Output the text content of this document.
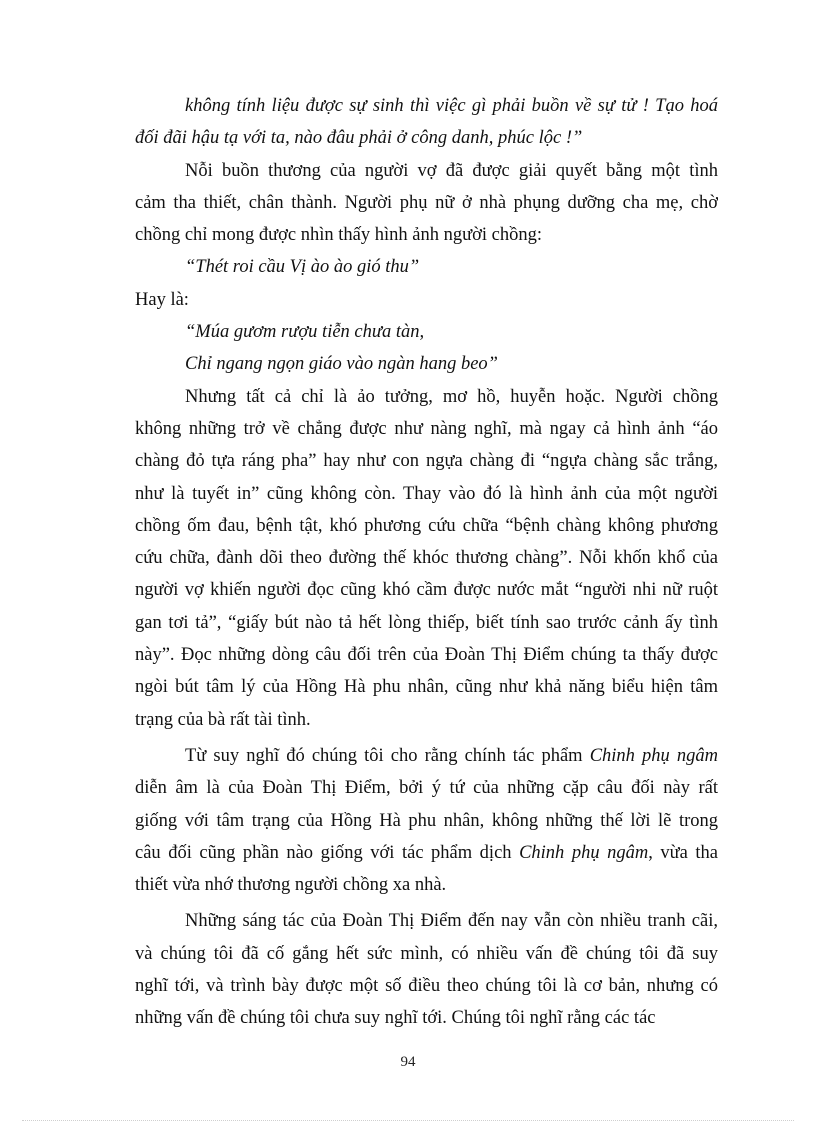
không tính liệu được sự sinh thì việc gì phải buồn về sự tử ! Tạo hoá
đối đãi hậu tạ với ta, nào đâu phải ở công danh, phúc lộc !”
Nỗi buồn thương của người vợ đã được giải quyết bằng một tình
cảm tha thiết, chân thành. Người phụ nữ ở nhà phụng dưỡng cha mẹ, chờ
chồng chỉ mong được nhìn thấy hình ảnh người chồng:
“Thét roi cầu Vị ào ào gió thu”
Hay là:
“Múa gươm rượu tiễn chưa tàn,
Chỉ ngang ngọn giáo vào ngàn hang beo”
Nhưng tất cả chỉ là ảo tưởng, mơ hồ, huyễn hoặc. Người chồng
không những trở về chẳng được như nàng nghĩ, mà ngay cả hình ảnh “áo
chàng đỏ tựa ráng pha” hay như con ngựa chàng đi “ngựa chàng sắc trắng,
như là tuyết in” cũng không còn. Thay vào đó là hình ảnh của một người
chồng ốm đau, bệnh tật, khó phương cứu chữa “bệnh chàng không phương
cứu chữa, đành dõi theo đường thế khóc thương chàng”. Nỗi khốn khổ của
người vợ khiến người đọc cũng khó cầm được nước mắt “người nhi nữ ruột
gan tơi tả”, “giấy bút nào tả hết lòng thiếp, biết tính sao trước cảnh ấy tình
này”. Đọc những dòng câu đối trên của Đoàn Thị Điểm chúng ta thấy được
ngòi bút tâm lý của Hồng Hà phu nhân, cũng như khả năng biểu hiện tâm
trạng của bà rất tài tình.
Từ suy nghĩ đó chúng tôi cho rằng chính tác phẩm Chinh phụ ngâm
diễn âm là của Đoàn Thị Điểm, bởi ý tứ của những cặp câu đối này rất
giống với tâm trạng của Hồng Hà phu nhân, không những thế lời lẽ trong
câu đối cũng phần nào giống với tác phẩm dịch Chinh phụ ngâm, vừa tha
thiết vừa nhớ thương người chồng xa nhà.
Những sáng tác của Đoàn Thị Điểm đến nay vẫn còn nhiều tranh cãi,
và chúng tôi đã cố gắng hết sức mình, có nhiều vấn đề chúng tôi đã suy
nghĩ tới, và trình bày được một số điều theo chúng tôi là cơ bản, nhưng có
những vấn đề chúng tôi chưa suy nghĩ tới. Chúng tôi nghĩ rằng các tác
94
